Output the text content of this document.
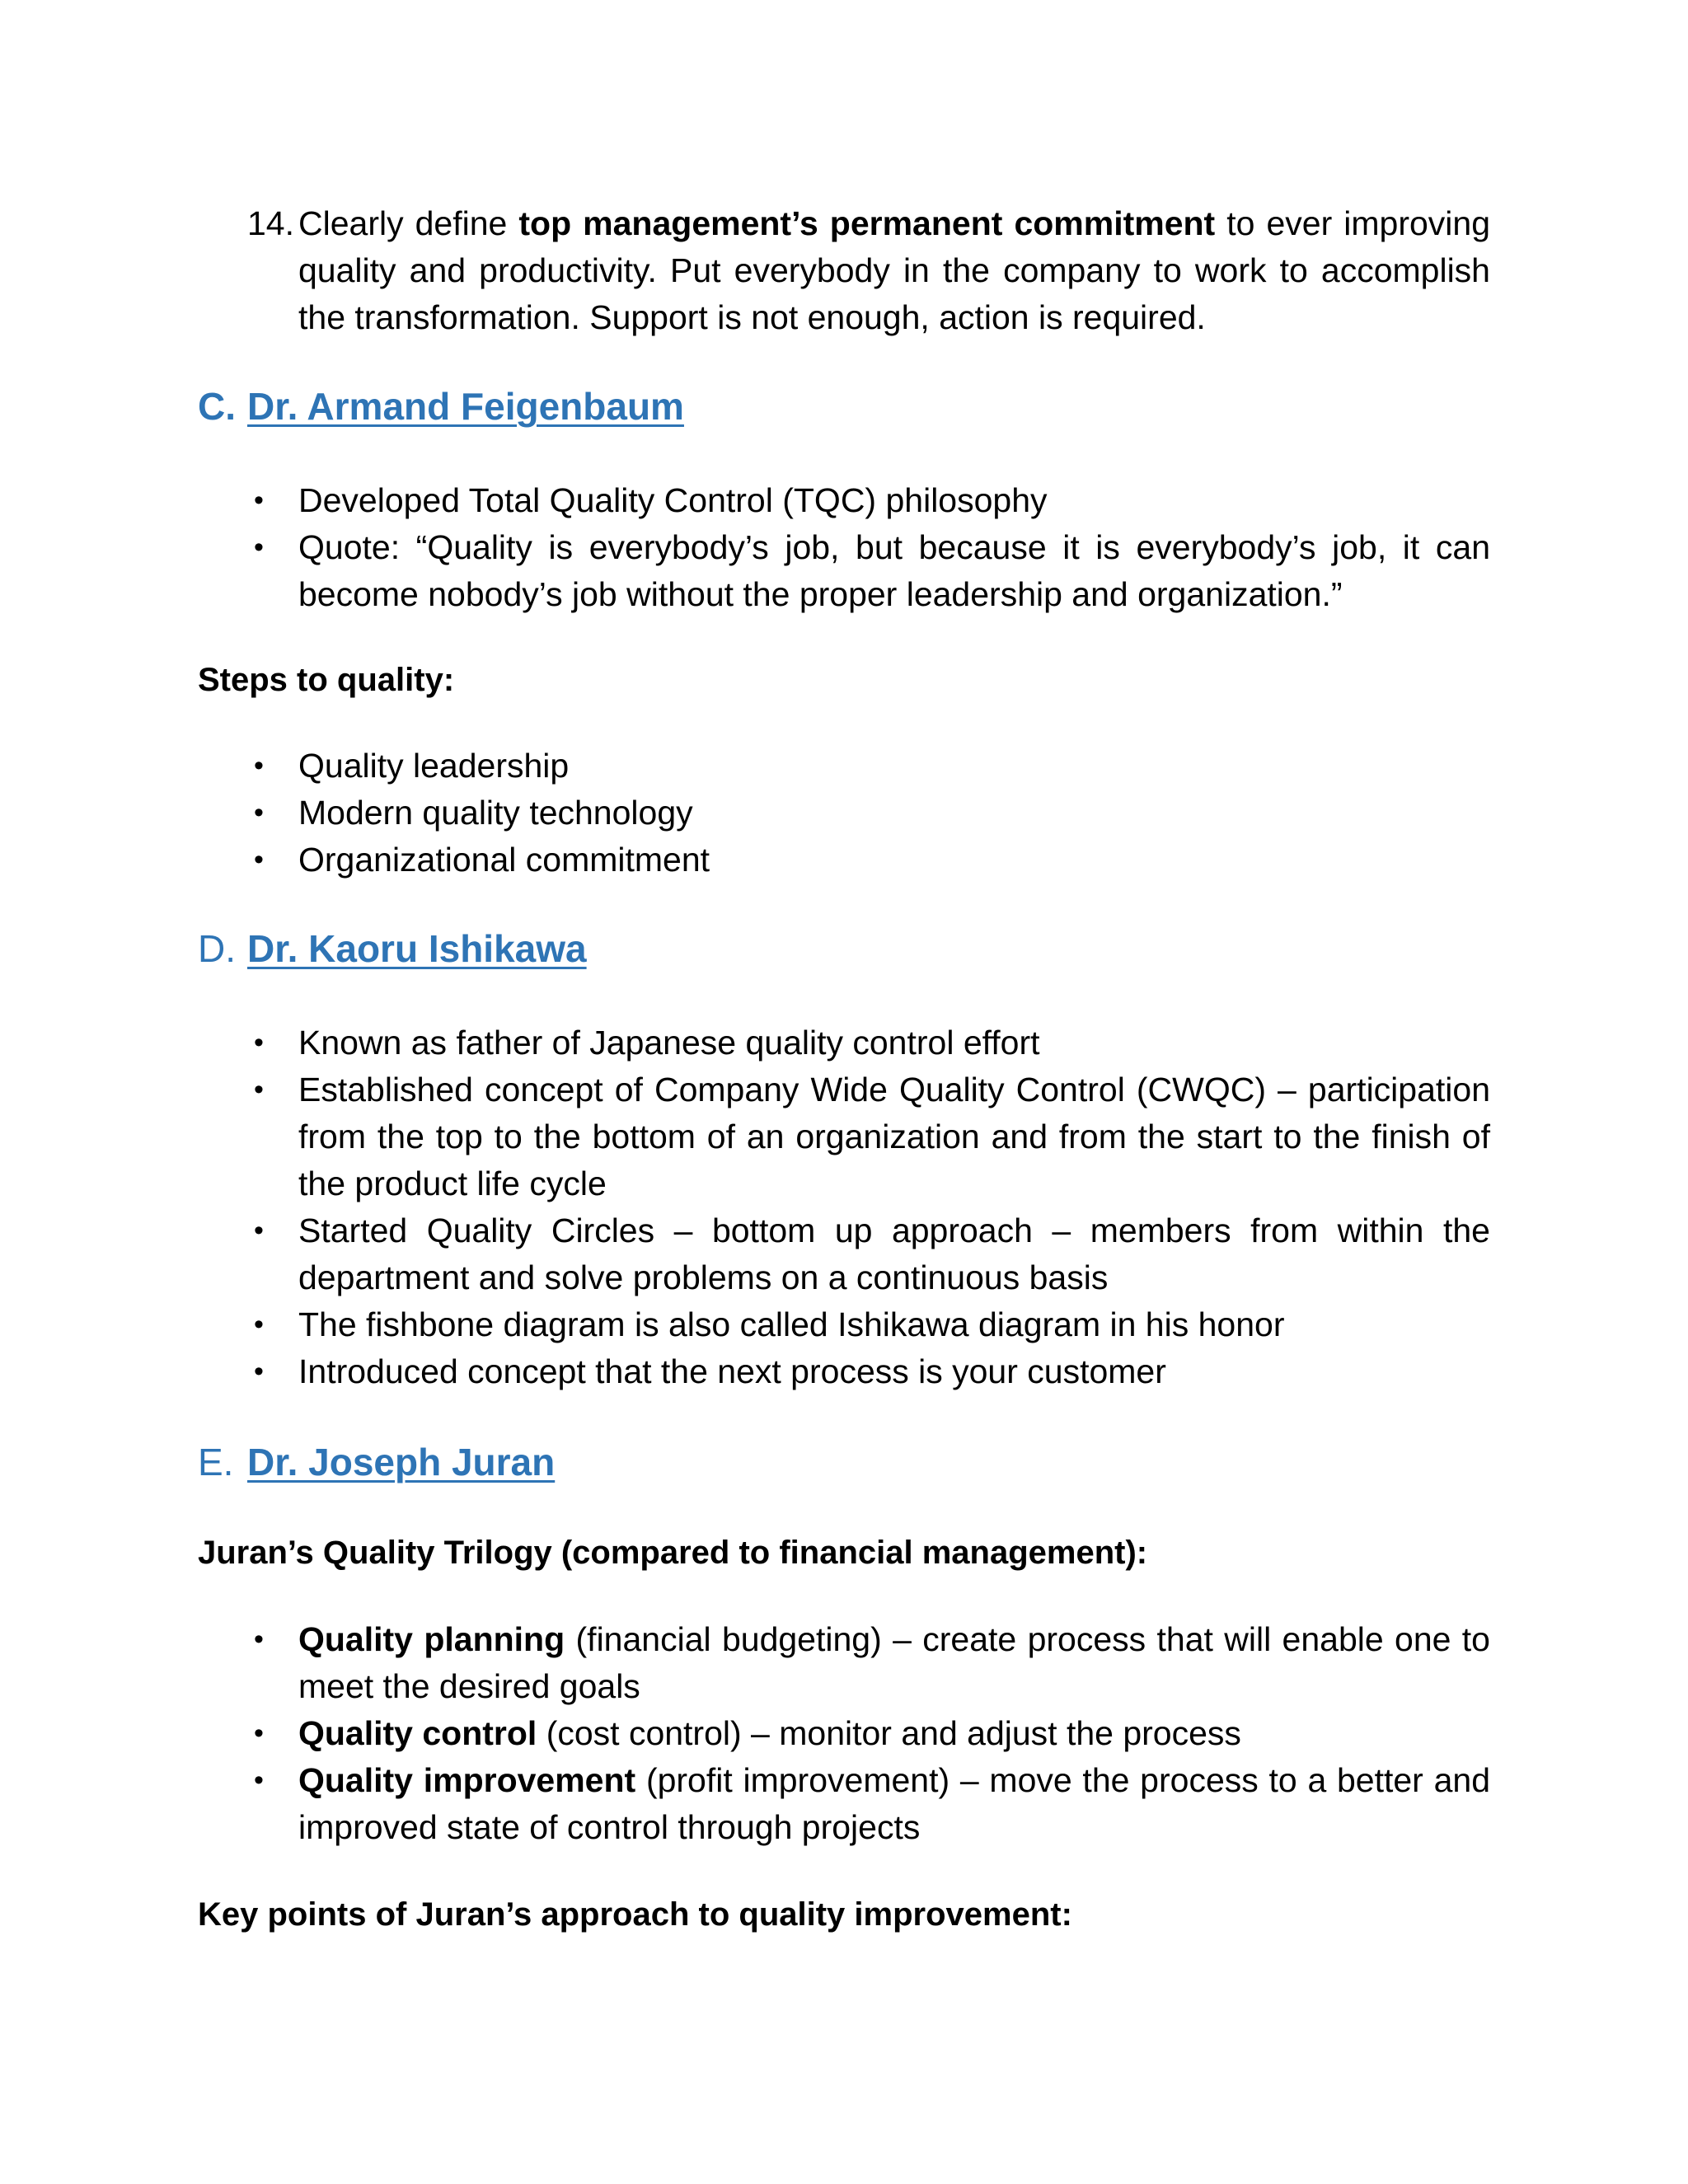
14. Clearly define top management’s permanent commitment to ever improving quality and productivity. Put everybody in the company to work to accomplish the transformation. Support is not enough, action is required.
C. Dr. Armand Feigenbaum
• Developed Total Quality Control (TQC) philosophy
• Quote: “Quality is everybody’s job, but because it is everybody’s job, it can become nobody’s job without the proper leadership and organization.”
Steps to quality:
• Quality leadership
• Modern quality technology
• Organizational commitment
D. Dr. Kaoru Ishikawa
• Known as father of Japanese quality control effort
• Established concept of Company Wide Quality Control (CWQC) – participation from the top to the bottom of an organization and from the start to the finish of the product life cycle
• Started Quality Circles – bottom up approach – members from within the department and solve problems on a continuous basis
• The fishbone diagram is also called Ishikawa diagram in his honor
• Introduced concept that the next process is your customer
E. Dr. Joseph Juran
Juran’s Quality Trilogy (compared to financial management):
• Quality planning (financial budgeting) – create process that will enable one to meet the desired goals
• Quality control (cost control) – monitor and adjust the process
• Quality improvement (profit improvement) – move the process to a better and improved state of control through projects
Key points of Juran’s approach to quality improvement:
